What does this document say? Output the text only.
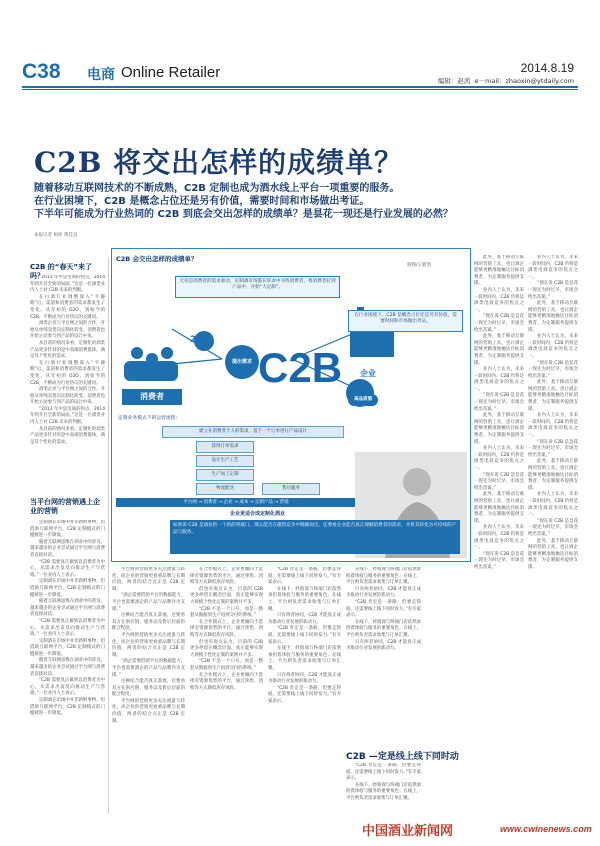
C38 电商 Online Retailer	2014.8.19
编辑：赵茜 e－mail：zhaoxin@ytdaily.com
C2B 将交出怎样的成绩单？
随着移动互联网技术的不断成熟，C2B 定制也成为酒水线上平台一项重要的服务。
在行业困境下，C2B 是概念占位还是另有价值，需要时间和市场做出考证。
下半年可能成为行业热词的 C2B 到底会交出怎样的成绩单？是昙花一现还是行业发展的必然？
本报记者 祖梓 黄佳良
C2B 的“春天”来了吗？

“2013 年中是电商的拐点，2014 年则开启全新的局面。”这是一位酒类业内人士对 C2B 未来的判断。

在白酒行业调整深入“平静期”后，渠道和消费者的需求都发生了变化。从年初的 O2O，到如今的 C2B，不断成为行业热议的关键词。

酒类企业与平台网之间的合作，开始从单纯卖货向定制化转变，消费者也开始主动参与到产品的设计中来。

从目前的情况来看，定制化的酒类产品更多针对的是中高端消费群体，满足其个性化的需求。

在白酒行业调整深入“平静期”后，渠道和消费者的需求都发生了变化。从年初的 O2O，到如今的 C2B，不断成为行业热议的关键词。

酒类企业与平台网之间的合作，开始从单纯卖货向定制化转变，消费者也开始主动参与到产品的设计中来。

“2013 年中是电商的拐点，2014 年则开启全新的局面。”这是一位酒类业内人士对 C2B 未来的判断。

从目前的情况来看，定制化的酒类产品更多针对的是中高端消费群体，满足其个性化的需求。

当平台网的营销遇上企业的营销

定制酒在市场中并非新鲜事物，但借助互联网平台，C2B 定制模式的门槛被进一步降低。

随着互联网思维在酒业中的普及，越来越多的企业尝试通过平台网与消费者直接对话。

“C2B 需要真正做到以消费者为中心，从需求出发反向推动生产与营销。”一位业内人士表示。

定制酒在市场中并非新鲜事物，但借助互联网平台，C2B 定制模式的门槛被进一步降低。

随着互联网思维在酒业中的普及，越来越多的企业尝试通过平台网与消费者直接对话。

“C2B 需要真正做到以消费者为中心，从需求出发反向推动生产与营销。”一位业内人士表示。

定制酒在市场中并非新鲜事物，但借助互联网平台，C2B 定制模式的门槛被进一步降低。

随着互联网思维在酒业中的普及，越来越多的企业尝试通过平台网与消费者直接对话。

“C2B 需要真正做到以消费者为中心，从需求出发反向推动生产与营销。”一位业内人士表示。

定制酒在市场中并非新鲜事物，但借助互联网平台，C2B 定制模式的门槛被进一步降低。

C2B 会交出怎样的成绩单？
无论是消费者的需求驱动，定制酒市场都在诉求中寻找消费者，将消费者拉到产品中，开始“大定制”。
在行业困境下，C2B 是概念占位还是另有价值，需要时间和市场做出考证。
24/7
提出需求
消费者
C2B 企业
高品质酒
定制业务模式下的运营流程：
建立在消费者个人的需求，基于一个订单进行产品设计
获得订单需求
设计生产工艺
生产加工定制
物流配送	售后服务
平台网 → 消费者 → 企业 → 成本 → 定制产品 → 营销
企业更适合成定制化酒业
制图/王新凯
如果说 C2B 是酒业的一个新的突破口，那么能否在激烈竞争中脱颖而出，还要看企业能否真正理解消费者的需求，并将其转化为可持续的产品与服务。

平台网的营销更多关注流量与转化，而企业的营销更看重品牌与长期价值，两者的结合点正是 C2B 定制。

“酒企需要借助平台的数据能力，平台也需要酒企的产品与品牌作为支撑。”

这种结合能否真正落地，还要看双方在供应链、服务以及售后层面的配合程度。

平台网的营销更多关注流量与转化，而企业的营销更看重品牌与长期价值，两者的结合点正是 C2B 定制。

“酒企需要借助平台的数据能力，平台也需要酒企的产品与品牌作为支撑。”

这种结合能否真正落地，还要看双方在供应链、服务以及售后层面的配合程度。

平台网的营销更多关注流量与转化，而企业的营销更看重品牌与长期价值，两者的结合点正是 C2B 定制。

在合作模式上，企业更倾向于选择有资源优势的平台，通过预售、团购等方式降低库存风险。

但也有观点认为，目前的 C2B 更多停留在概念层面，真正能够实现大规模个性化定制的案例并不多。

“C2B 不是一个口号，而是一整套从数据到生产再到交付的系统。”

在合作模式上，企业更倾向于选择有资源优势的平台，通过预售、团购等方式降低库存风险。

但也有观点认为，目前的 C2B 更多停留在概念层面，真正能够实现大规模个性化定制的案例并不多。

“C2B 不是一个口号，而是一整套从数据到生产再到交付的系统。”

在合作模式上，企业更倾向于选择有资源优势的平台，通过预售、团购等方式降低库存风险。

“C2B 肯定是一条路，但要走得稳，还需要线上线下同时发力。”有专家表示。

在线下，经销商与终端门店依然承担着体验与服务的重要角色；在线上，平台则负责需求收集与订单汇聚。

只有两者协同，C2B 才能真正成为推动行业发展的新动力。

“C2B 肯定是一条路，但要走得稳，还需要线上线下同时发力。”有专家表示。

在线下，经销商与终端门店依然承担着体验与服务的重要角色；在线上，平台则负责需求收集与订单汇聚。

只有两者协同，C2B 才能真正成为推动行业发展的新动力。

“C2B 肯定是一条路，但要走得稳，还需要线上线下同时发力。”有专家表示。

在线下，经销商与终端门店依然承担着体验与服务的重要角色；在线上，平台则负责需求收集与订单汇聚。

只有两者协同，C2B 才能真正成为推动行业发展的新动力。

“C2B 肯定是一条路，但要走得稳，还需要线上线下同时发力。”有专家表示。

在线下，经销商与终端门店依然承担着体验与服务的重要角色；在线上，平台则负责需求收集与订单汇聚。

只有两者协同，C2B 才能真正成为推动行业发展的新动力。

C2B —定是线上线下同时动

“C2B 肯定是一条路，但要走得稳，还需要线上线下同时发力。”有专家表示。

在线下，经销商与终端门店依然承担着体验与服务的重要角色；在线上，平台则负责需求收集与订单汇聚。

此外，基于移动互联网的营销工具，也让酒企能够更精准地触达目标消费者，为定制服务提供支撑。

业内人士认为，未来一段时间内，C2B 仍将是酒类电商竞争的焦点之一。

“现在说 C2B 是昙花一现还为时过早，市场会给出答案。”

此外，基于移动互联网的营销工具，也让酒企能够更精准地触达目标消费者，为定制服务提供支撑。

业内人士认为，未来一段时间内，C2B 仍将是酒类电商竞争的焦点之一。

“现在说 C2B 是昙花一现还为时过早，市场会给出答案。”

此外，基于移动互联网的营销工具，也让酒企能够更精准地触达目标消费者，为定制服务提供支撑。

业内人士认为，未来一段时间内，C2B 仍将是酒类电商竞争的焦点之一。

“现在说 C2B 是昙花一现还为时过早，市场会给出答案。”

此外，基于移动互联网的营销工具，也让酒企能够更精准地触达目标消费者，为定制服务提供支撑。

业内人士认为，未来一段时间内，C2B 仍将是酒类电商竞争的焦点之一。

“现在说 C2B 是昙花一现还为时过早，市场会给出答案。”

业内人士认为，未来一段时间内，C2B 仍将是酒类电商竞争的焦点之一。

“现在说 C2B 是昙花一现还为时过早，市场会给出答案。”

此外，基于移动互联网的营销工具，也让酒企能够更精准地触达目标消费者，为定制服务提供支撑。

业内人士认为，未来一段时间内，C2B 仍将是酒类电商竞争的焦点之一。

“现在说 C2B 是昙花一现还为时过早，市场会给出答案。”

此外，基于移动互联网的营销工具，也让酒企能够更精准地触达目标消费者，为定制服务提供支撑。

业内人士认为，未来一段时间内，C2B 仍将是酒类电商竞争的焦点之一。

“现在说 C2B 是昙花一现还为时过早，市场会给出答案。”

此外，基于移动互联网的营销工具，也让酒企能够更精准地触达目标消费者，为定制服务提供支撑。

业内人士认为，未来一段时间内，C2B 仍将是酒类电商竞争的焦点之一。

“现在说 C2B 是昙花一现还为时过早，市场会给出答案。”

此外，基于移动互联网的营销工具，也让酒企能够更精准地触达目标消费者，为定制服务提供支撑。

中国酒业新闻网	www.cwinenews.com
